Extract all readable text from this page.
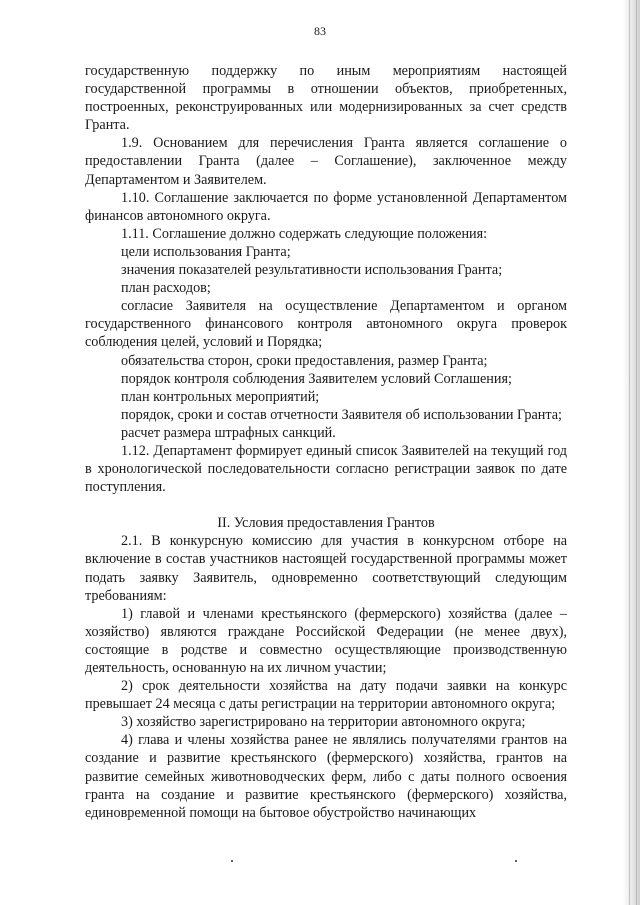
83

государственную поддержку по иным мероприятиям настоящей государственной программы в отношении объектов, приобретенных, построенных, реконструированных или модернизированных за счет средств Гранта.

1.9. Основанием для перечисления Гранта является соглашение о предоставлении Гранта (далее – Соглашение), заключенное между Департаментом и Заявителем.

1.10. Соглашение заключается по форме установленной Департаментом финансов автономного округа.

1.11. Соглашение должно содержать следующие положения:

цели использования Гранта;

значения показателей результативности использования Гранта;

план расходов;

согласие Заявителя на осуществление Департаментом и органом государственного финансового контроля автономного округа проверок соблюдения целей, условий и Порядка;

обязательства сторон, сроки предоставления, размер Гранта;

порядок контроля соблюдения Заявителем условий Соглашения;

план контрольных мероприятий;

порядок, сроки и состав отчетности Заявителя об использовании Гранта;

расчет размера штрафных санкций.

1.12. Департамент формирует единый список Заявителей на текущий год в хронологической последовательности согласно регистрации заявок по дате поступления.

II. Условия предоставления Грантов

2.1. В конкурсную комиссию для участия в конкурсном отборе на включение в состав участников настоящей государственной программы может подать заявку Заявитель, одновременно соответствующий следующим требованиям:

1) главой и членами крестьянского (фермерского) хозяйства (далее – хозяйство) являются граждане Российской Федерации (не менее двух), состоящие в родстве и совместно осуществляющие производственную деятельность, основанную на их личном участии;

2) срок деятельности хозяйства на дату подачи заявки на конкурс превышает 24 месяца с даты регистрации на территории автономного округа;

3) хозяйство зарегистрировано на территории автономного округа;

4) глава и члены хозяйства ранее не являлись получателями грантов на создание и развитие крестьянского (фермерского) хозяйства, грантов на развитие семейных животноводческих ферм, либо с даты полного освоения гранта на создание и развитие крестьянского (фермерского) хозяйства, единовременной помощи на бытовое обустройство начинающих
